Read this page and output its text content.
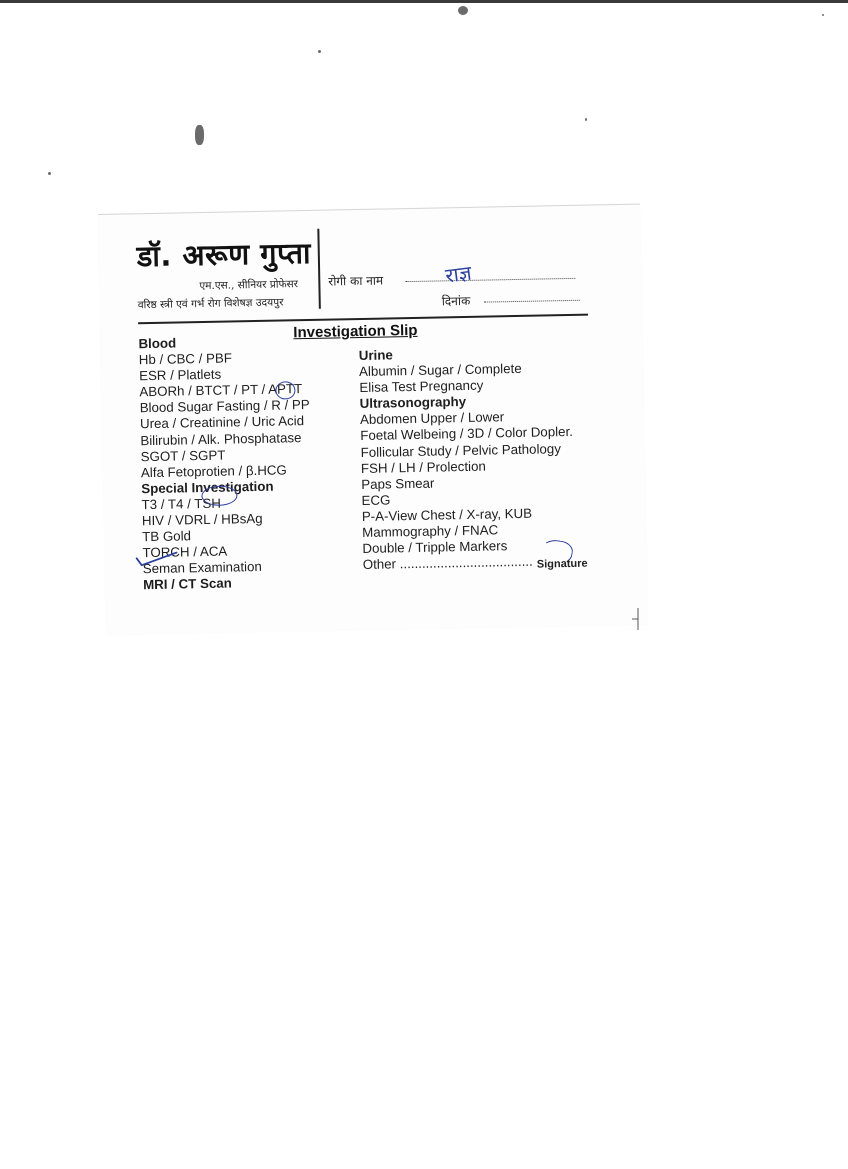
डॉ. अरूण गुप्ता
एम.एस., सीनियर प्रोफेसर
वरिष्ठ स्त्री एवं गर्भ रोग विशेषज्ञ उदयपुर
रोगी का नाम	राज्ञ
दिनांक
Investigation Slip
Blood
Hb / CBC / PBF
ESR / Platlets
ABORh / BTCT / PT / APTT
Blood Sugar Fasting / R / PP
Urea / Creatinine / Uric Acid
Bilirubin / Alk. Phosphatase
SGOT / SGPT
Alfa Fetoprotien / β.HCG
Special Investigation
T3 / T4 / TSH
HIV / VDRL / HBsAg
TB Gold
TORCH / ACA
Seman Examination
MRI / CT Scan
Urine
Albumin / Sugar / Complete
Elisa Test Pregnancy
Ultrasonography
Abdomen Upper / Lower
Foetal Welbeing / 3D / Color Dopler.
Follicular Study / Pelvic Pathology
FSH / LH / Prolection
Paps Smear
ECG
P-A-View Chest / X-ray, KUB
Mammography / FNAC
Double / Tripple Markers
Other .................................... Signature
